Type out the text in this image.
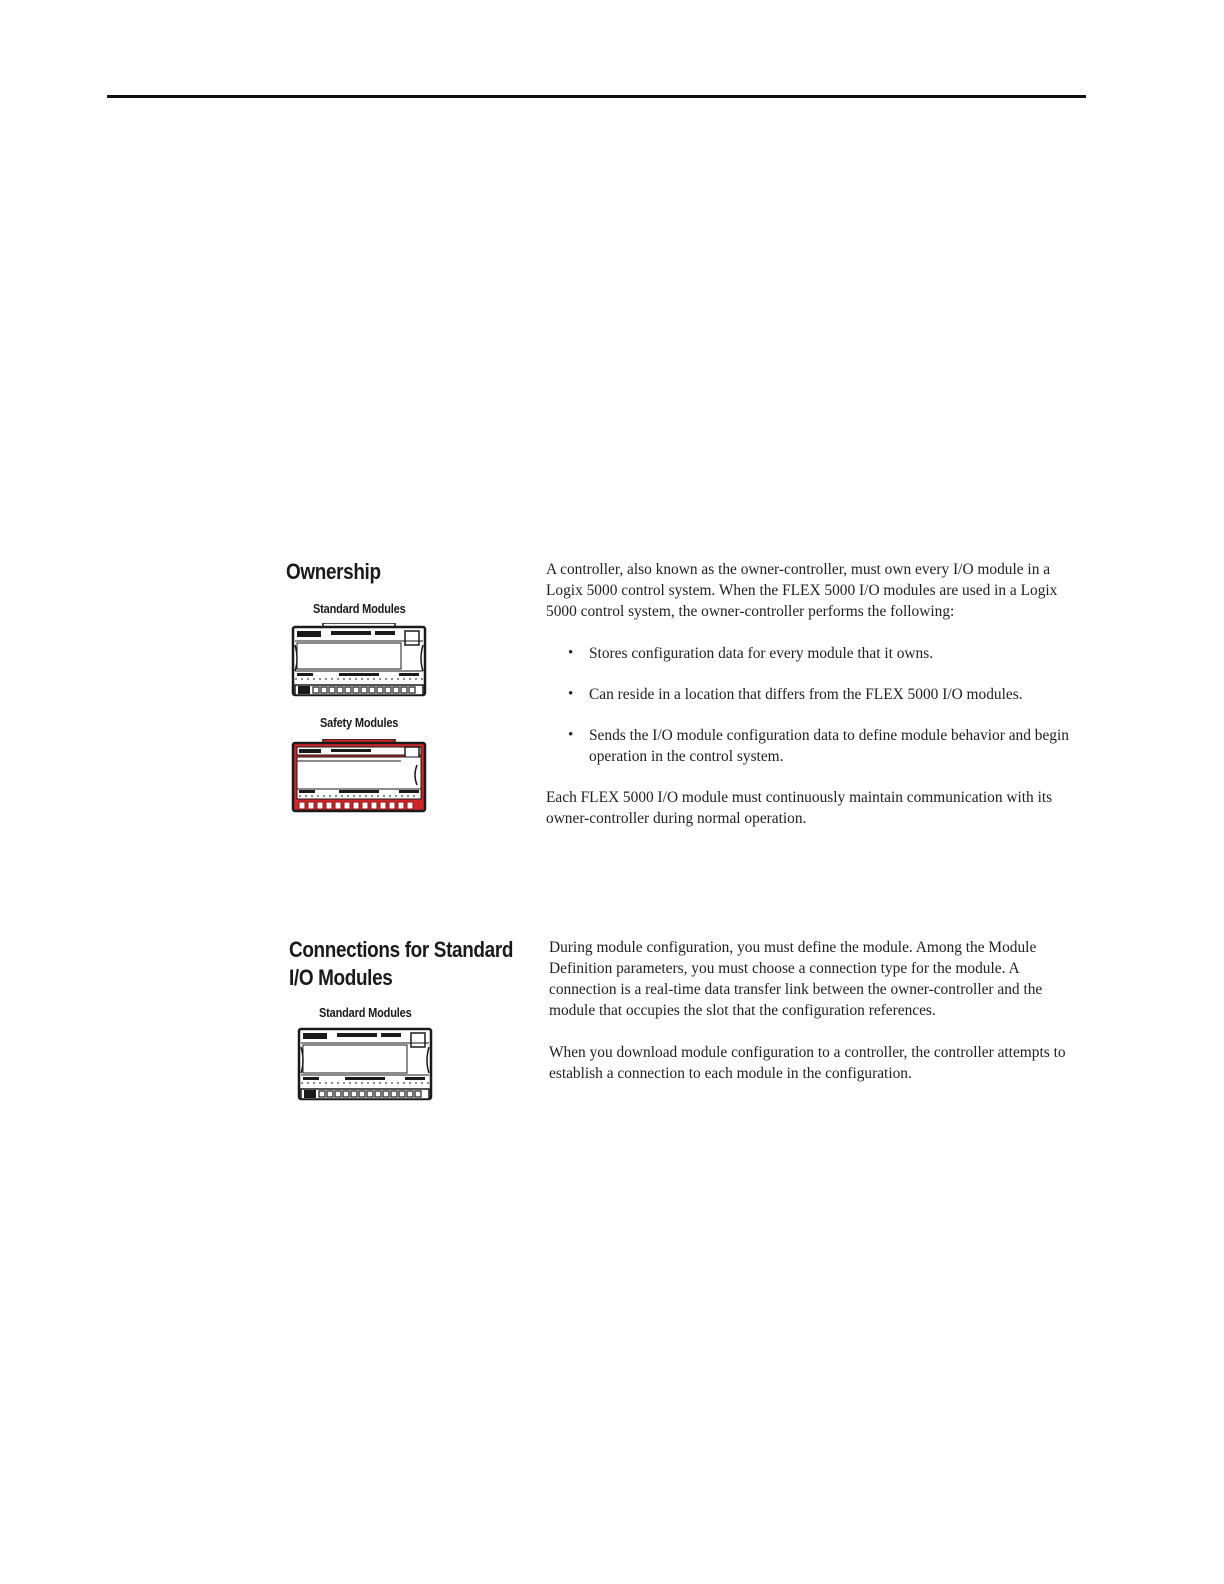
Ownership
Standard Modules
Safety Modules

A controller, also known as the owner-controller, must own every I/O module in a Logix 5000 control system. When the FLEX 5000 I/O modules are used in a Logix 5000 control system, the owner-controller performs the following:

• Stores configuration data for every module that it owns.
• Can reside in a location that differs from the FLEX 5000 I/O modules.
• Sends the I/O module configuration data to define module behavior and begin operation in the control system.

Each FLEX 5000 I/O module must continuously maintain communication with its owner-controller during normal operation.

Connections for Standard
I/O Modules
Standard Modules

During module configuration, you must define the module. Among the Module Definition parameters, you must choose a connection type for the module. A connection is a real-time data transfer link between the owner-controller and the module that occupies the slot that the configuration references.

When you download module configuration to a controller, the controller attempts to establish a connection to each module in the configuration.
